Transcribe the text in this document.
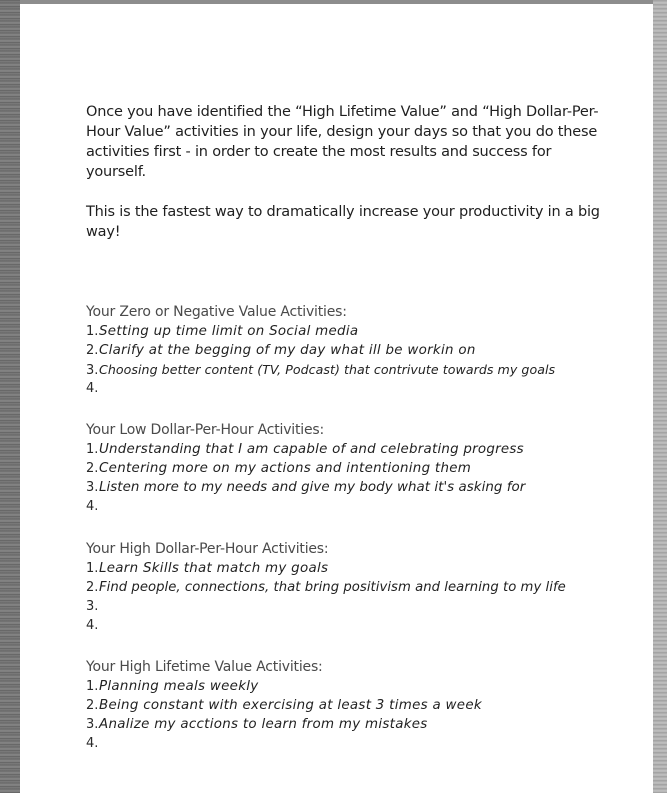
Once you have identified the “High Lifetime Value” and “High Dollar-Per-Hour Value” activities in your life, design your days so that you do these activities first - in order to create the most results and success for yourself.

This is the fastest way to dramatically increase your productivity in a big way!

Your Zero or Negative Value Activities:
1. Setting up time limit on Social media
2. Clarify at the begging of my day what ill be workin on
3. Choosing better content (TV, Podcast) that contrivute towards my goals
4.
Your Low Dollar-Per-Hour Activities:
1. Understanding that I am capable of and celebrating progress
2. Centering more on my actions and intentioning them
3. Listen more to my needs and give my body what it's asking for
4.
Your High Dollar-Per-Hour Activities:
1. Learn Skills that match my goals
2. Find people, connections, that bring positivism and learning to my life
3.
4.
Your High Lifetime Value Activities:
1. Planning meals weekly
2. Being constant with exercising at least 3 times a week
3. Analize my acctions to learn from my mistakes
4.
